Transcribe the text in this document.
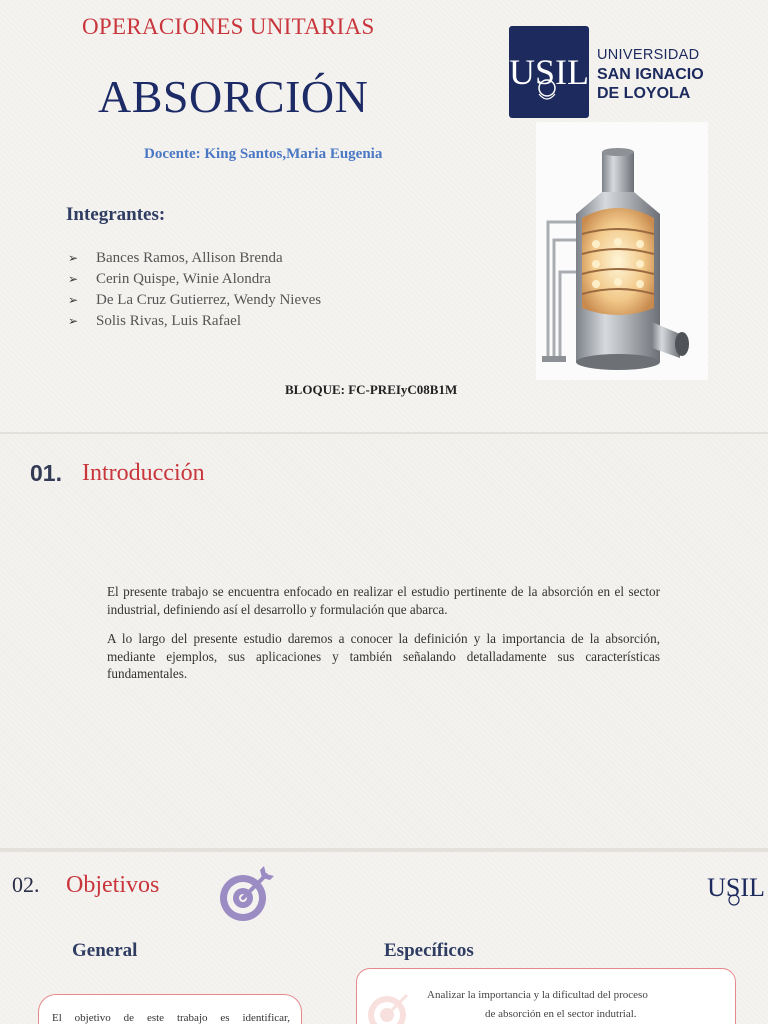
OPERACIONES UNITARIAS
ABSORCIÓN
Docente: King Santos,Maria Eugenia
Integrantes:
➢	Bances Ramos, Allison Brenda
➢	Cerin Quispe, Winie Alondra
➢	De La Cruz Gutierrez, Wendy Nieves
➢	Solis Rivas, Luis Rafael
BLOQUE: FC-PREIyC08B1M
USIL UNIVERSIDAD
SAN IGNACIO
DE LOYOLA
01. Introducción

El presente trabajo se encuentra enfocado en realizar el estudio pertinente de la absorción en el sector industrial, definiendo así el desarrollo y formulación que abarca.

A lo largo del presente estudio daremos a conocer la definición y la importancia de la absorción, mediante ejemplos, sus aplicaciones y también señalando detalladamente sus características fundamentales.

02. Objetivos	USIL
General	Específicos
El objetivo de este trabajo es identificar,
Analizar la importancia y la dificultad del proceso
de absorción en el sector indutrial.
